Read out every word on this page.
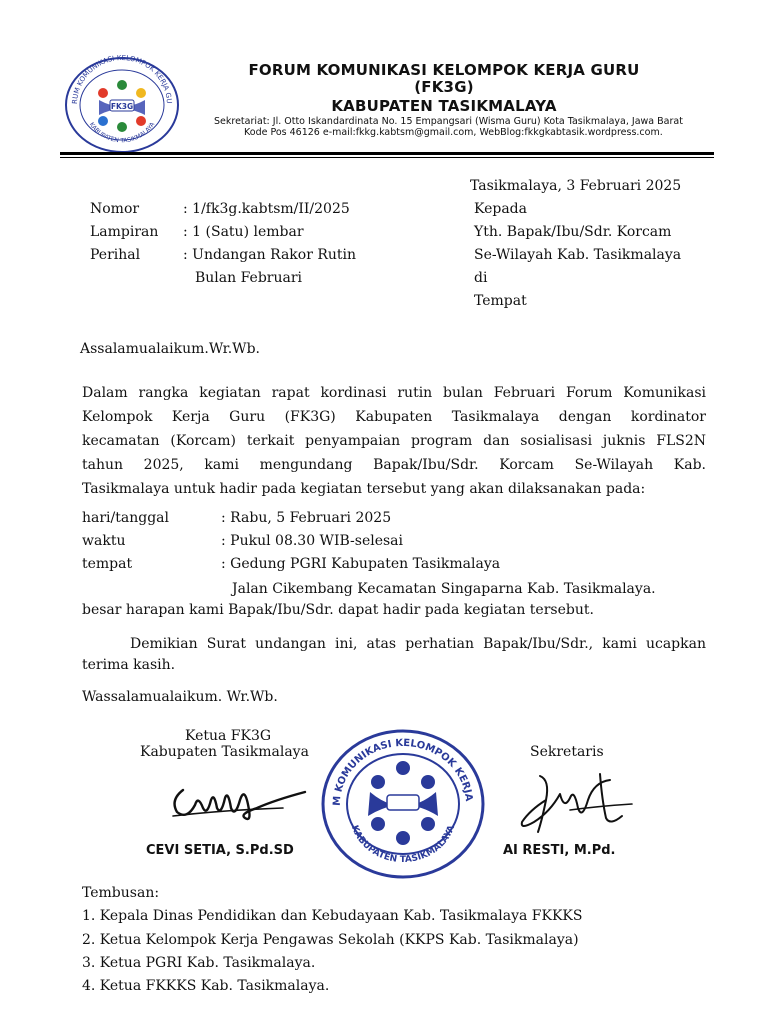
RUM KOMUNIKASI KELOMPOK KERJA GU
KABUPATEN TASIKMALAYA
FK3G
FORUM KOMUNIKASI KELOMPOK KERJA GURU
(FK3G)
KABUPATEN TASIKMALAYA
Sekretariat: Jl. Otto Iskandardinata No. 15 Empangsari (Wisma Guru) Kota Tasikmalaya, Jawa Barat
Kode Pos 46126 e-mail:fkkg.kabtsm@gmail.com, WebBlog:fkkgkabtasik.wordpress.com.
Tasikmalaya, 3 Februari 2025
Nomor	: 1/fk3g.kabtsm/II/2025
Lampiran : 1 (Satu) lembar
Perihal	: Undangan Rakor Rutin
Bulan Februari
Kepada
Yth. Bapak/Ibu/Sdr. Korcam
Se-Wilayah Kab. Tasikmalaya
di
Tempat
Assalamualaikum.Wr.Wb.
Dalam rangka kegiatan rapat kordinasi rutin bulan Februari Forum Komunikasi
Kelompok Kerja Guru (FK3G) Kabupaten Tasikmalaya dengan kordinator
kecamatan (Korcam) terkait penyampaian program dan sosialisasi juknis FLS2N
tahun 2025, kami mengundang Bapak/Ibu/Sdr. Korcam Se-Wilayah Kab.
Tasikmalaya untuk hadir pada kegiatan tersebut yang akan dilaksanakan pada:
hari/tanggal	: Rabu, 5 Februari 2025
waktu	: Pukul 08.30 WIB-selesai
tempat	: Gedung PGRI Kabupaten Tasikmalaya
Jalan Cikembang Kecamatan Singaparna Kab. Tasikmalaya.
besar harapan kami Bapak/Ibu/Sdr. dapat hadir pada kegiatan tersebut.
Demikian Surat undangan ini, atas perhatian Bapak/Ibu/Sdr., kami ucapkan
terima kasih.
Wassalamualaikum. Wr.Wb.
Ketua FK3G
Kabupaten Tasikmalaya	Sekretaris
M KOMUNIKASI KELOMPOK KERJA
KABUPATEN TASIKMALAYA
CEVI SETIA, S.Pd.SD	AI RESTI, M.Pd.
Tembusan:
1. Kepala Dinas Pendidikan dan Kebudayaan Kab. Tasikmalaya FKKKS
2. Ketua Kelompok Kerja Pengawas Sekolah (KKPS Kab. Tasikmalaya)
3. Ketua PGRI Kab. Tasikmalaya.
4. Ketua FKKKS Kab. Tasikmalaya.
